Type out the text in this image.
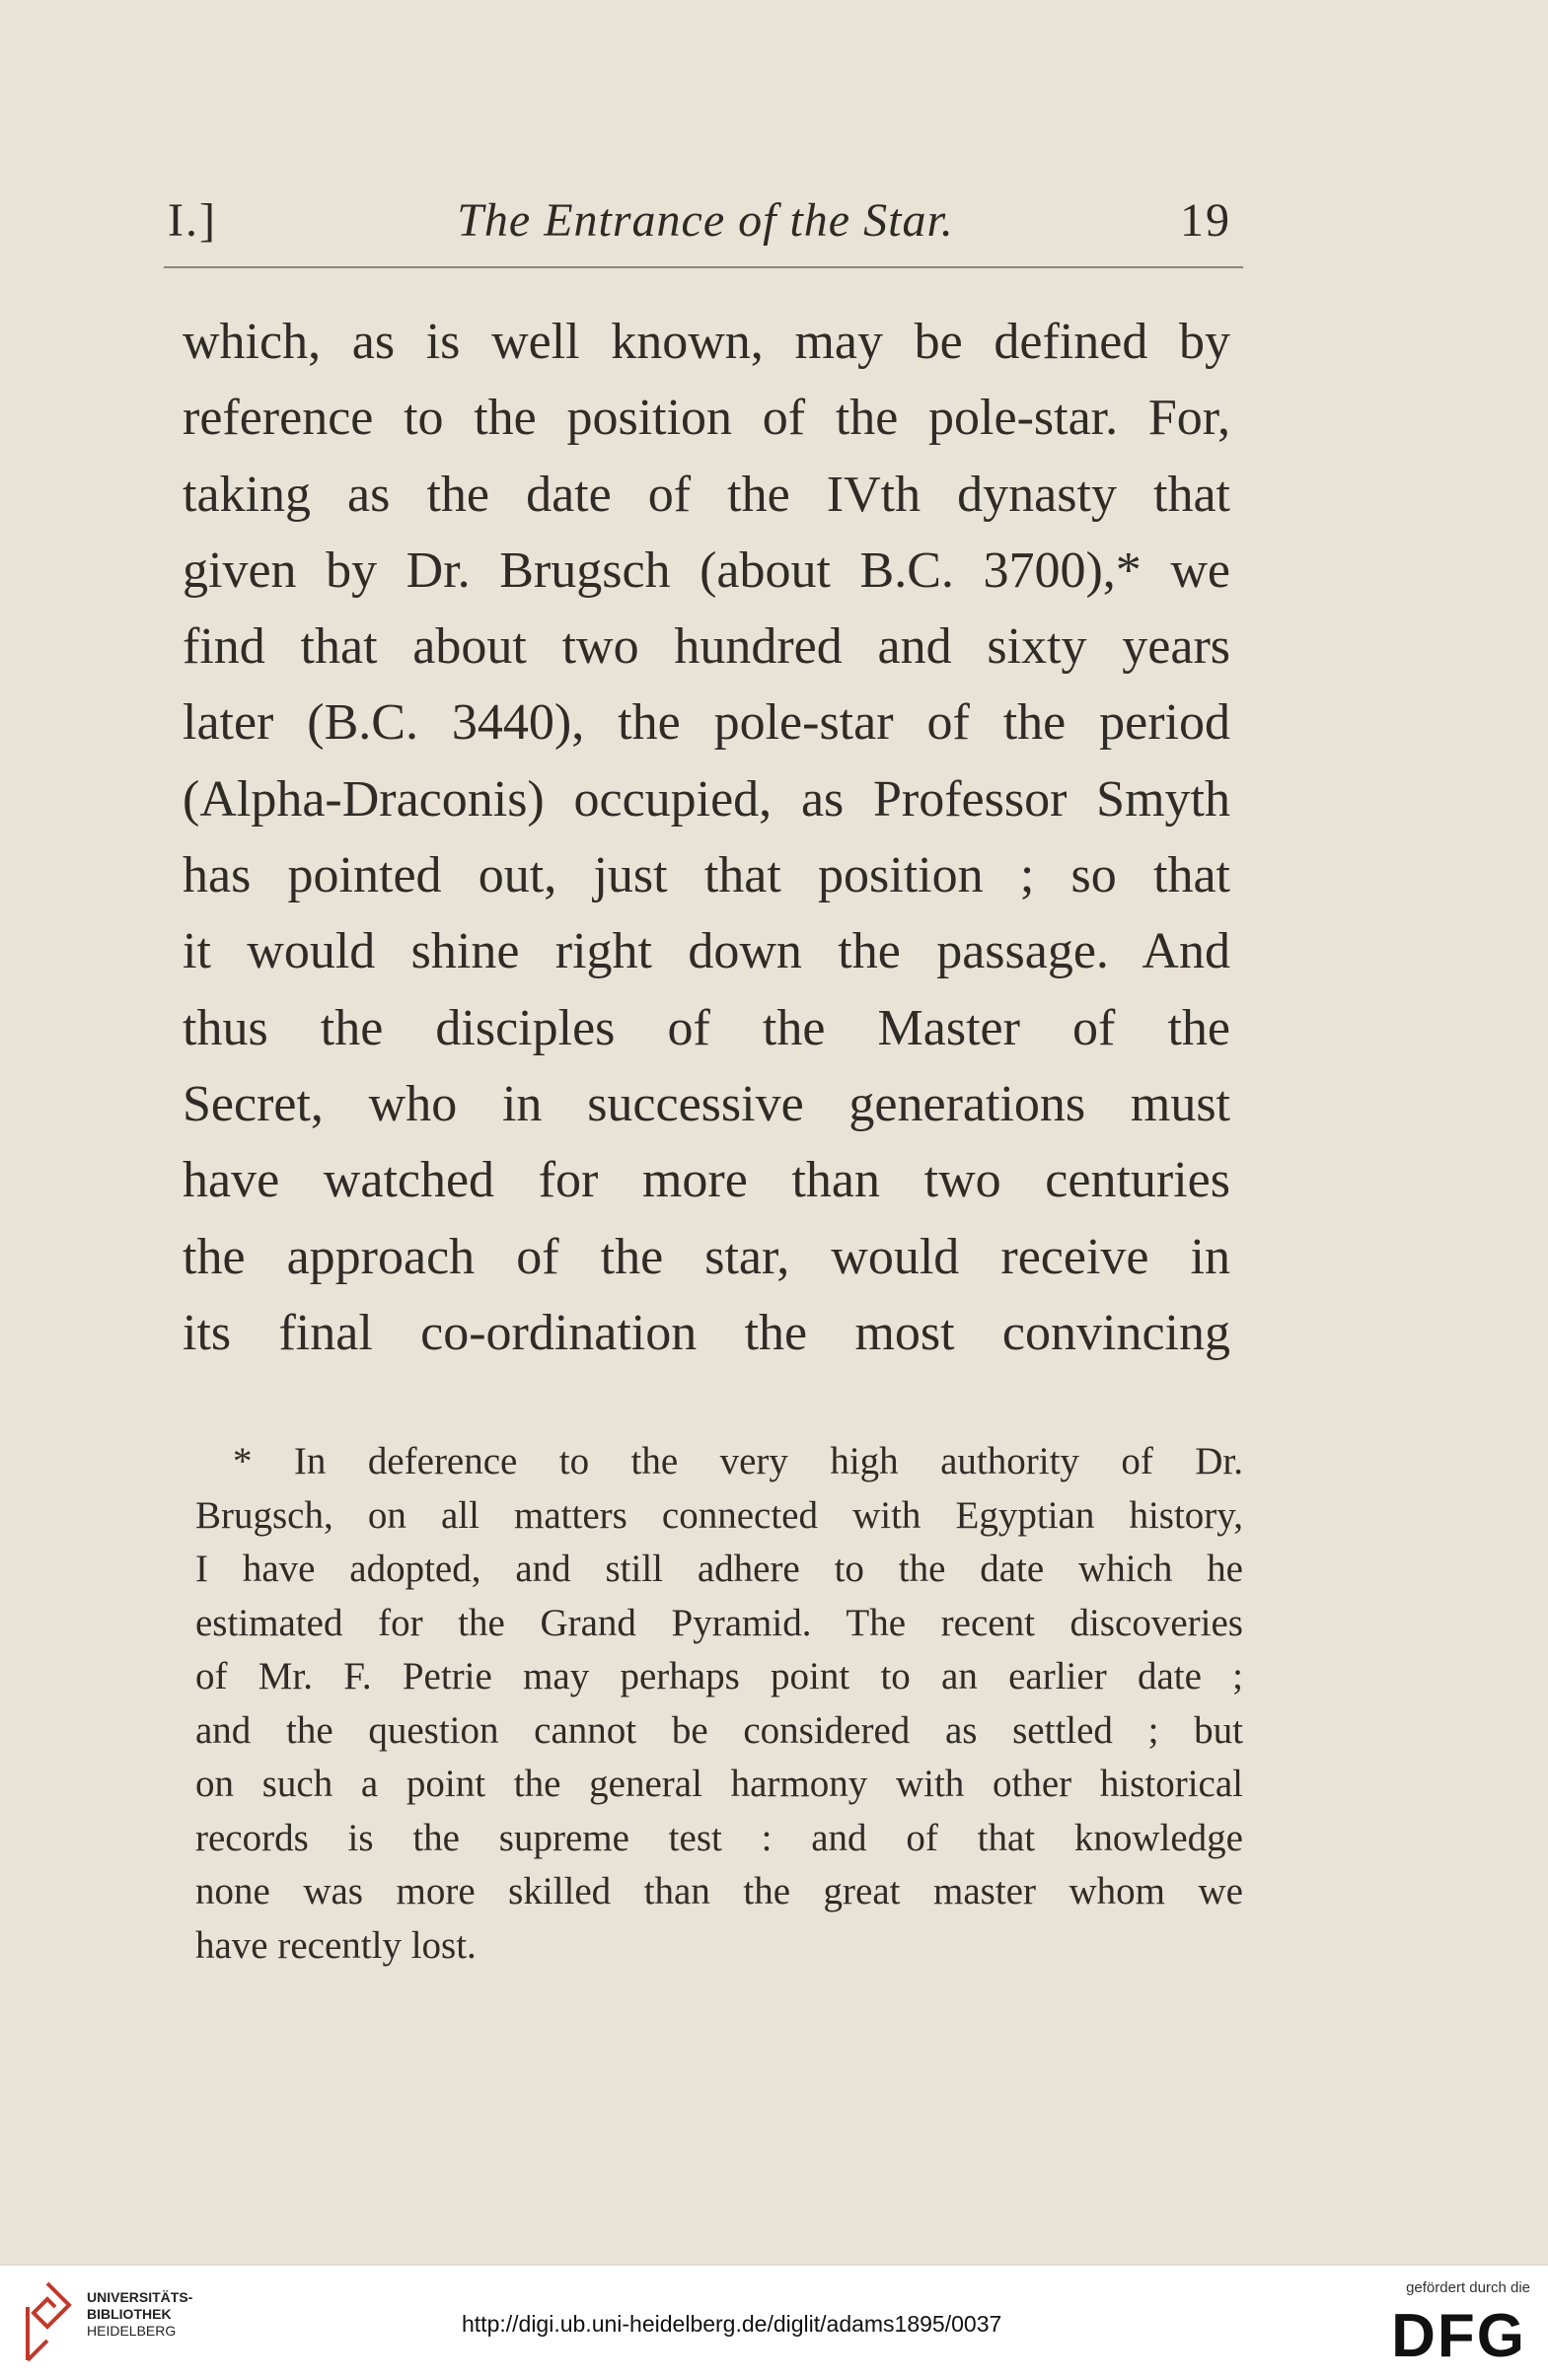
I.]	The Entrance of the Star.	19
which, as is well known, may be defined by
reference to the position of the pole-star. For,
taking as the date of the IVth dynasty that
given by Dr. Brugsch (about B.C. 3700),* we
find that about two hundred and sixty years
later (B.C. 3440), the pole-star of the period
(Alpha-Draconis) occupied, as Professor Smyth
has pointed out, just that position ; so that
it would shine right down the passage. And
thus the disciples of the Master of the
Secret, who in successive generations must
have watched for more than two centuries
the approach of the star, would receive in
its final co-ordination the most convincing
* In deference to the very high authority of Dr.
Brugsch, on all matters connected with Egyptian history,
I have adopted, and still adhere to the date which he
estimated for the Grand Pyramid. The recent discoveries
of Mr. F. Petrie may perhaps point to an earlier date ;
and the question cannot be considered as settled ; but
on such a point the general harmony with other historical
records is the supreme test : and of that knowledge
none was more skilled than the great master whom we
have recently lost.
UNIVERSITÄTS-
BIBLIOTHEK
HEIDELBERG	http://digi.ub.uni-heidelberg.de/diglit/adams1895/0037
gefördert durch die
DFG
